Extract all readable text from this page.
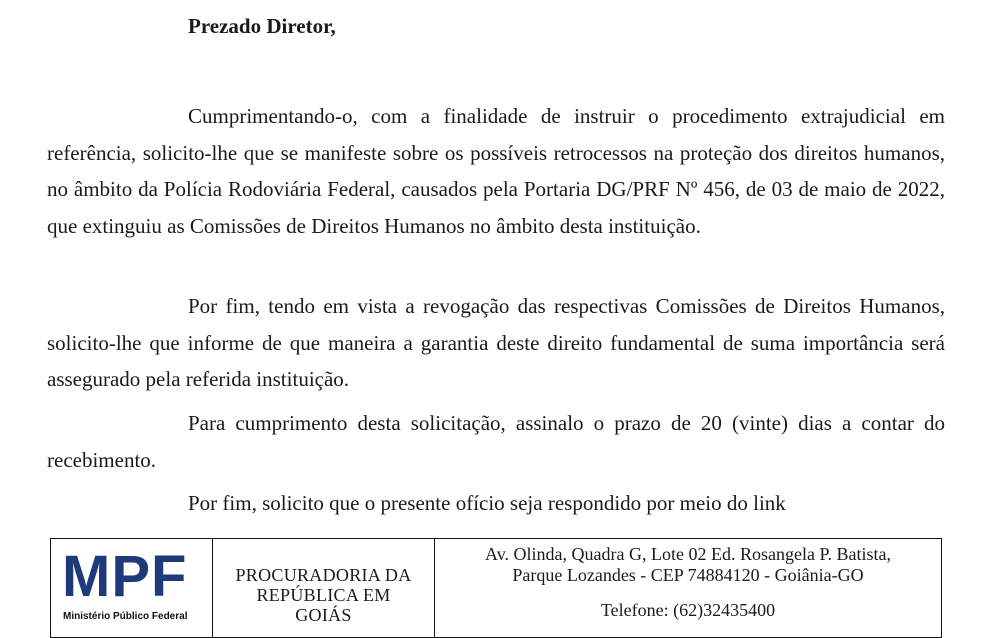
Prezado Diretor,

Cumprimentando-o, com a finalidade de instruir o procedimento extrajudicial em referência, solicito-lhe que se manifeste sobre os possíveis retrocessos na proteção dos direitos humanos, no âmbito da Polícia Rodoviária Federal, causados pela Portaria DG/PRF Nº 456, de 03 de maio de 2022, que extinguiu as Comissões de Direitos Humanos no âmbito desta instituição.

Por fim, tendo em vista a revogação das respectivas Comissões de Direitos Humanos, solicito-lhe que informe de que maneira a garantia deste direito fundamental de suma importância será assegurado pela referida instituição.

Para cumprimento desta solicitação, assinalo o prazo de 20 (vinte) dias a contar do recebimento.

Por fim, solicito que o presente ofício seja respondido por meio do link

MPF
Ministério Público Federal
PROCURADORIA DA
REPÚBLICA EM
GOIÁS
Av. Olinda, Quadra G, Lote 02 Ed. Rosangela P. Batista,
Parque Lozandes - CEP 74884120 - Goiânia-GO
Telefone: (62)32435400
